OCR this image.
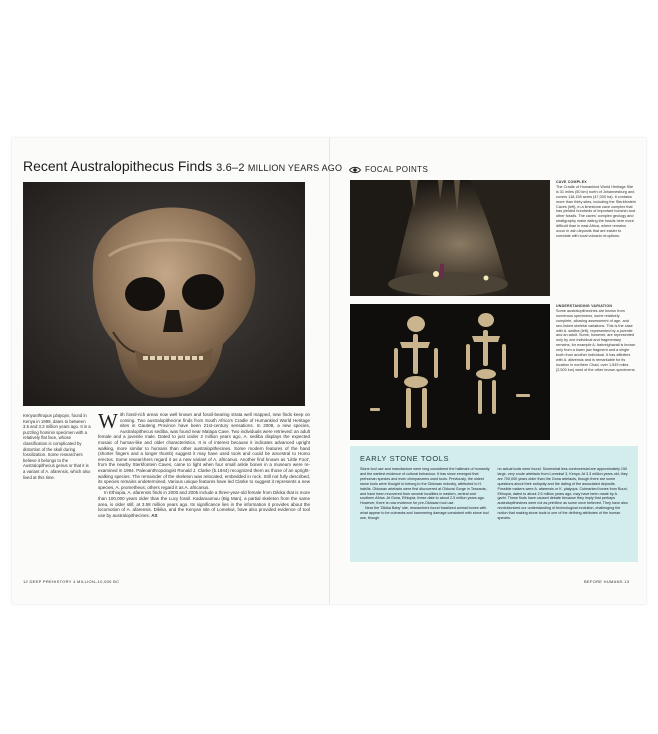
Recent Australopithecus Finds 3.6–2 MILLION YEARS AGO
Kenyanthropus platyops, found in Kenya in 1999, dates to between 3.5 and 3.3 million years ago. It is a puzzling hominin specimen with a relatively flat face, whose classification is complicated by distortion of the skull during fossilization. Some researchers believe it belongs to the Australopithecus genus or that it is a variant of A. afarensis, which also lived at this time.

With fossil-rich areas now well known and fossil-bearing strata well mapped, new finds keep on coming. Two australopithecine finds from South Africa's Cradle of Humankind World Heritage sites in Gauteng Province have been 21st-century sensations. In 2008, a new species, Australopithecus sediba, was found near Malapa Cave. Two individuals were retrieved: an adult female and a juvenile male. Dated to just under 2 million years ago, A. sediba displays the expected mosaic of human-like and older characteristics. It is of interest because it indicates advanced upright walking, more similar to humans than other australopithecines. Some modern features of the hand (shorter fingers and a longer thumb) suggest it may have used tools and could be ancestral to Homo erectus. Some researchers regard it as a new variant of A. africanus. Another find known as 'Little Foot', from the nearby Sterkfontein Caves, came to light when four small ankle bones in a museum were re-examined in 1994. Paleoanthropologist Ronald J. Clarke (b.1944) recognized them as those of an upright-walking species. The remainder of the skeleton was relocated, embedded in rock. Still not fully described, its species remains undetermined. Various unique features have led Clarke to suggest it represents a new species, A. prometheus; others regard it as A. africanus.

In Ethiopia, A. afarensis finds in 2000 and 2005 include a three-year-old female from Dikika that is more than 100,000 years older than the Lucy fossil. Kadanuumuu (Big Man), a partial skeleton from the same area, is older still, at 3.58 million years ago. Its significance lies in the information it provides about the locomotion of A. afarensis. Dikika, and the Kenyan site of Lomekwi, have also provided evidence of tool use by australopithecines. AS

12 DEEP PREHISTORY 4 MILLION–10,000 BC
FOCAL POINTS
CAVE COMPLEX
The Cradle of Humankind World Heritage Site is 31 miles (50 km) north of Johannesburg and covers 118,159 acres (47,000 ha). It contains more than thirty sites, including the Sterkfontein Caves (left), in a limestone cave complex that has yielded hundreds of important hominin and other fossils. The caves' complex geology and stratigraphy make dating the fossils here more difficult than in east Africa, where remains occur in ash deposits that are easier to correlate with local volcanic eruptions.
UNDERSTANDING VARIATION
Some australopithecines are known from numerous specimens, some relatively complete, allowing assessment of age- and sex-linked skeletal variations. This is the case with A. sediba (left), represented by a juvenile and an adult. Some, however, are represented only by one individual and fragmentary remains, for example A. bahrelghazali is known only from a lower jaw fragment and a single tooth from another individual. It has affinities with A. afarensis and is remarkable for its location in northern Chad, over 1,549 miles (2,500 km) west of the other known specimens.
EARLY STONE TOOLS

Stone tool use and manufacture were long considered the hallmark of humanity and the earliest evidence of cultural behaviour. It has since emerged that prehuman species and even chimpanzees used tools. Previously, the oldest stone tools were thought to belong to the Oldowan industry, attributed to H. habilis. Oldowan artefacts were first discovered at Olduvai Gorge in Tanzania, and have been recovered from several localities in eastern, central and southern Africa. At Gona, Ethiopia, these date to about 2.5 million years ago. However, there is now evidence for pre-Oldowan tool use.

Near the 'Dikika Baby' site, researchers found fossilized animal bones with what appear to be cutmarks and hammering damage consistent with stone tool use, though

no actual tools were found. Somewhat less controversial are approximately 150 large, very crude artefacts from Lomekwi 3, Kenya. At 3.3 million years old, they are 700,000 years older than the Gona artefacts, though there are some questions about their antiquity and the dating of the associated deposits. Possible makers were A. afarensis or K. platyops. Cutmarked bones from Bouri, Ethiopia, dated to about 2.5 million years ago, may have been made by A. garhi. These finds have caused debate because they imply that perhaps australopithecines were not as primitive as some once believed. They have also revolutionized our understanding of technological evolution, challenging the notion that making stone tools is one of the defining attributes of the human species.

BEFORE HUMANS 13
